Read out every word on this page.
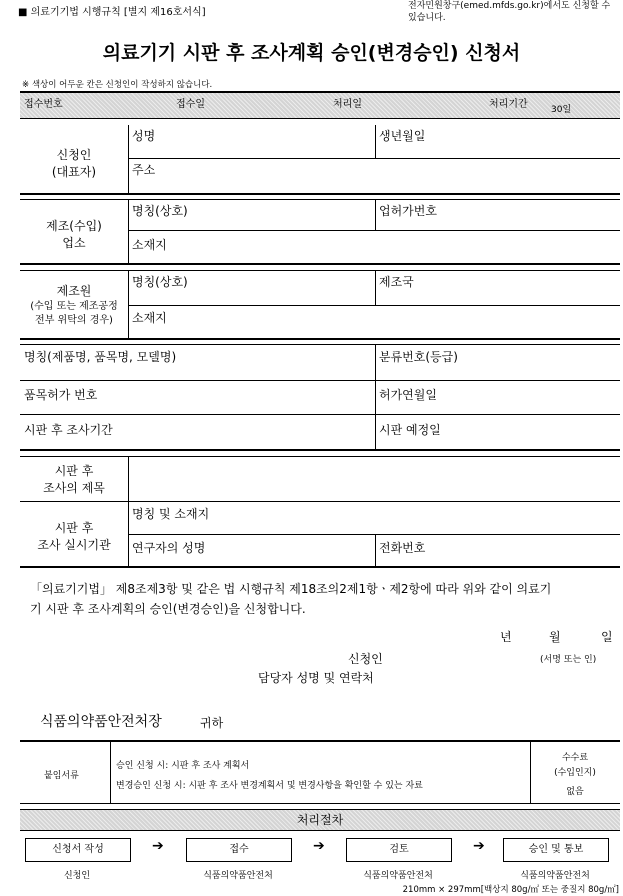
■ 의료기기법 시행규칙 [별지 제16호서식]
전자민원창구(emed.mfds.go.kr)에서도 신청할 수 있습니다.
의료기기 시판 후 조사계획 승인(변경승인) 신청서
※ 색상이 어두운 칸은 신청인이 작성하지 않습니다.
접수번호	접수일	처리일	처리기간	30일
신청인
(대표자)
성명	생년월일
주소
제조(수입)
업소
명칭(상호)	업허가번호
소재지
제조원
(수입 또는 제조공정
전부 위탁의 경우)
명칭(상호)	제조국
소재지
명칭(제품명, 품목명, 모델명)	분류번호(등급)
품목허가 번호	허가연월일
시판 후 조사기간	시판 예정일
시판 후
조사의 제목
시판 후
조사 실시기관
명칭 및 소재지
연구자의 성명	전화번호
「의료기기법」 제8조제3항 및 같은 법 시행규칙 제18조의2제1항ㆍ제2항에 따라 위와 같이 의료기
기 시판 후 조사계획의 승인(변경승인)을 신청합니다.
년	월	일
신청인	(서명 또는 인)
담당자 성명 및 연락처
식품의약품안전처장	귀하
붙임서류
승인 신청 시: 시판 후 조사 계획서
변경승인 신청 시: 시판 후 조사 변경계획서 및 변경사항을 확인할 수 있는 자료
수수료
(수입인지)
없음
처리절차
신청서 작성	➔	접수	➔	검토	➔	승인 및 통보
신청인	식품의약품안전처	식품의약품안전처	식품의약품안전처
210mm × 297mm[백상지 80g/㎡ 또는 중질지 80g/㎡]
